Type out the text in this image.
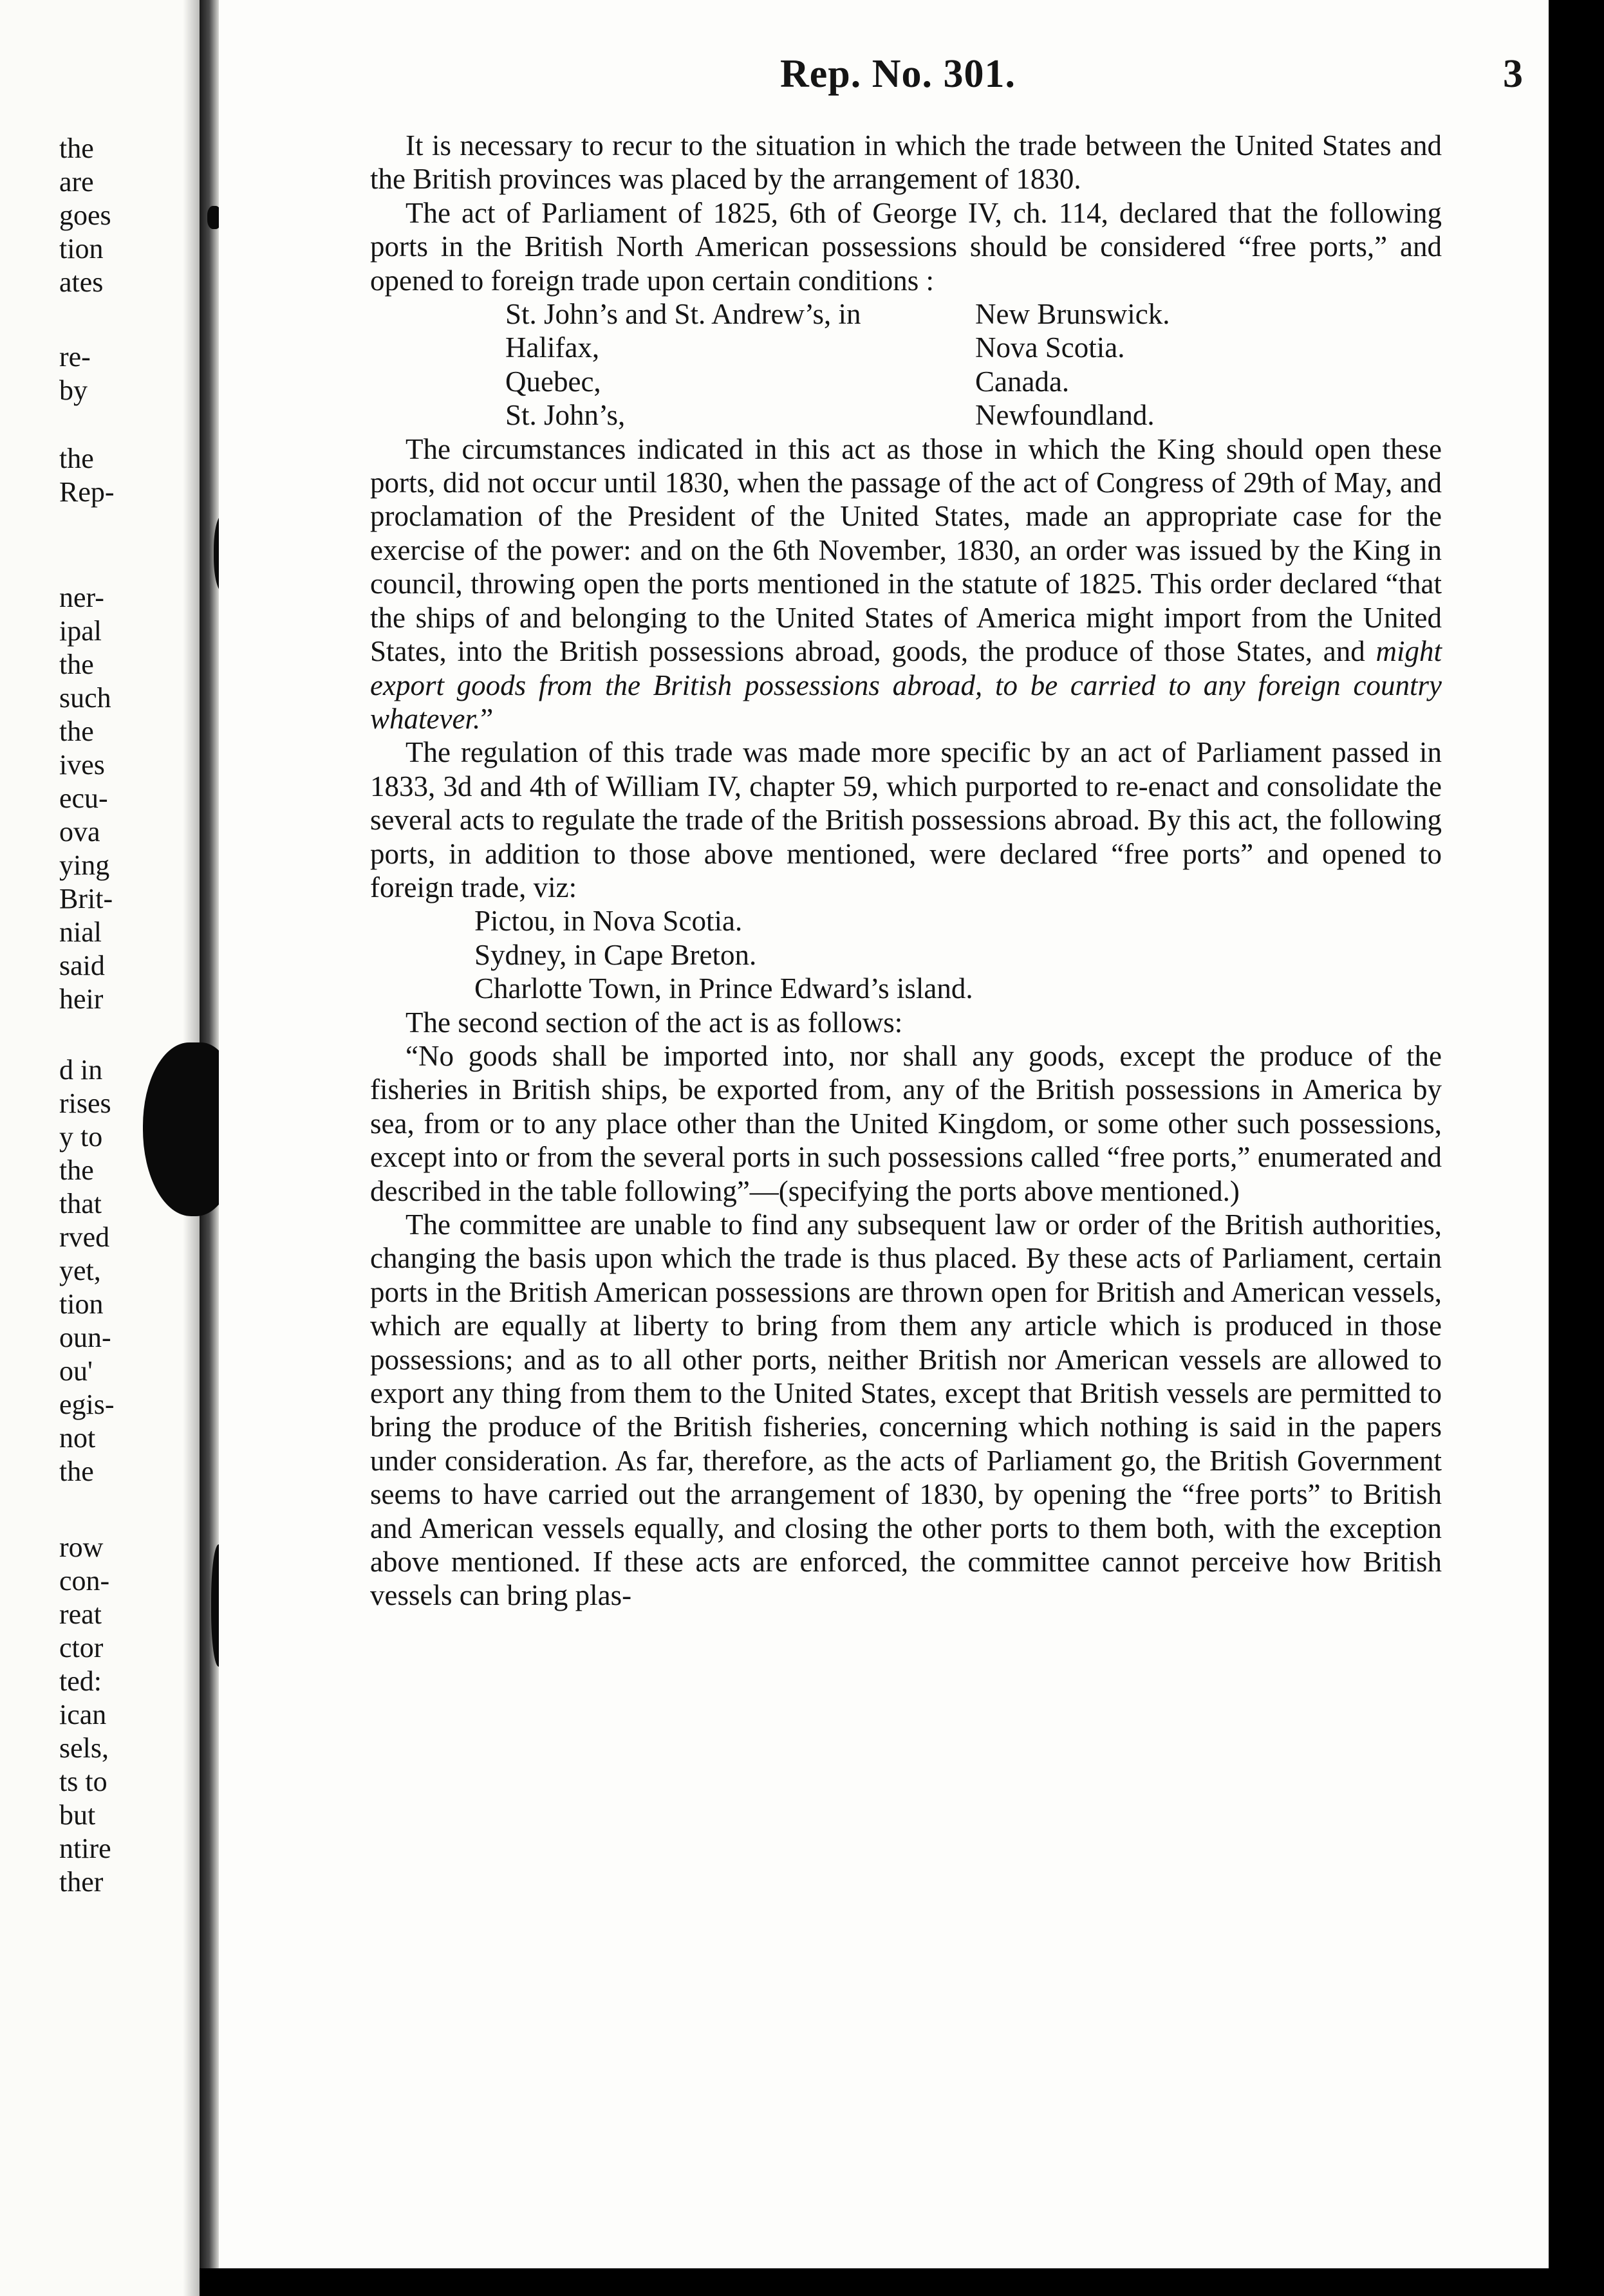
the
are
goes
tion
ates
re-
by
the
Rep-
ner-
ipal
the
such
the
ives
ecu-
ova
ying
Brit-
nial
said
heir
d in
rises
y to
the
that
rved
yet,
tion
oun-
ou'
egis-
not
the
row
con-
reat
ctor
ted:
ican
sels,
ts to
but
ntire
ther
Rep. No. 301.	3

It is necessary to recur to the situation in which the trade between the United States and the British provinces was placed by the arrangement of 1830.

The act of Parliament of 1825, 6th of George IV, ch. 114, declared that the following ports in the British North American possessions should be considered “free ports,” and opened to foreign trade upon certain conditions :

St. John’s and St. Andrew’s, in	New Brunswick.
Halifax,	Nova Scotia.
Quebec,	Canada.
St. John’s,	Newfoundland.

The circumstances indicated in this act as those in which the King should open these ports, did not occur until 1830, when the passage of the act of Congress of 29th of May, and proclamation of the President of the United States, made an appropriate case for the exercise of the power: and on the 6th November, 1830, an order was issued by the King in council, throwing open the ports mentioned in the statute of 1825. This order declared “that the ships of and belonging to the United States of America might import from the United States, into the British possessions abroad, goods, the produce of those States, and might export goods from the British possessions abroad, to be carried to any foreign country whatever.”

The regulation of this trade was made more specific by an act of Parliament passed in 1833, 3d and 4th of William IV, chapter 59, which purported to re-enact and consolidate the several acts to regulate the trade of the British possessions abroad. By this act, the following ports, in addition to those above mentioned, were declared “free ports” and opened to foreign trade, viz:

Pictou, in Nova Scotia.
Sydney, in Cape Breton.
Charlotte Town, in Prince Edward’s island.

The second section of the act is as follows:

“No goods shall be imported into, nor shall any goods, except the produce of the fisheries in British ships, be exported from, any of the British possessions in America by sea, from or to any place other than the United Kingdom, or some other such possessions, except into or from the several ports in such possessions called “free ports,” enumerated and described in the table following”—(specifying the ports above mentioned.)

The committee are unable to find any subsequent law or order of the British authorities, changing the basis upon which the trade is thus placed. By these acts of Parliament, certain ports in the British American possessions are thrown open for British and American vessels, which are equally at liberty to bring from them any article which is produced in those possessions; and as to all other ports, neither British nor American vessels are allowed to export any thing from them to the United States, except that British vessels are permitted to bring the produce of the British fisheries, concerning which nothing is said in the papers under consideration. As far, therefore, as the acts of Parliament go, the British Government seems to have carried out the arrangement of 1830, by opening the “free ports” to British and American vessels equally, and closing the other ports to them both, with the exception above mentioned. If these acts are enforced, the committee cannot perceive how British vessels can bring plas-
